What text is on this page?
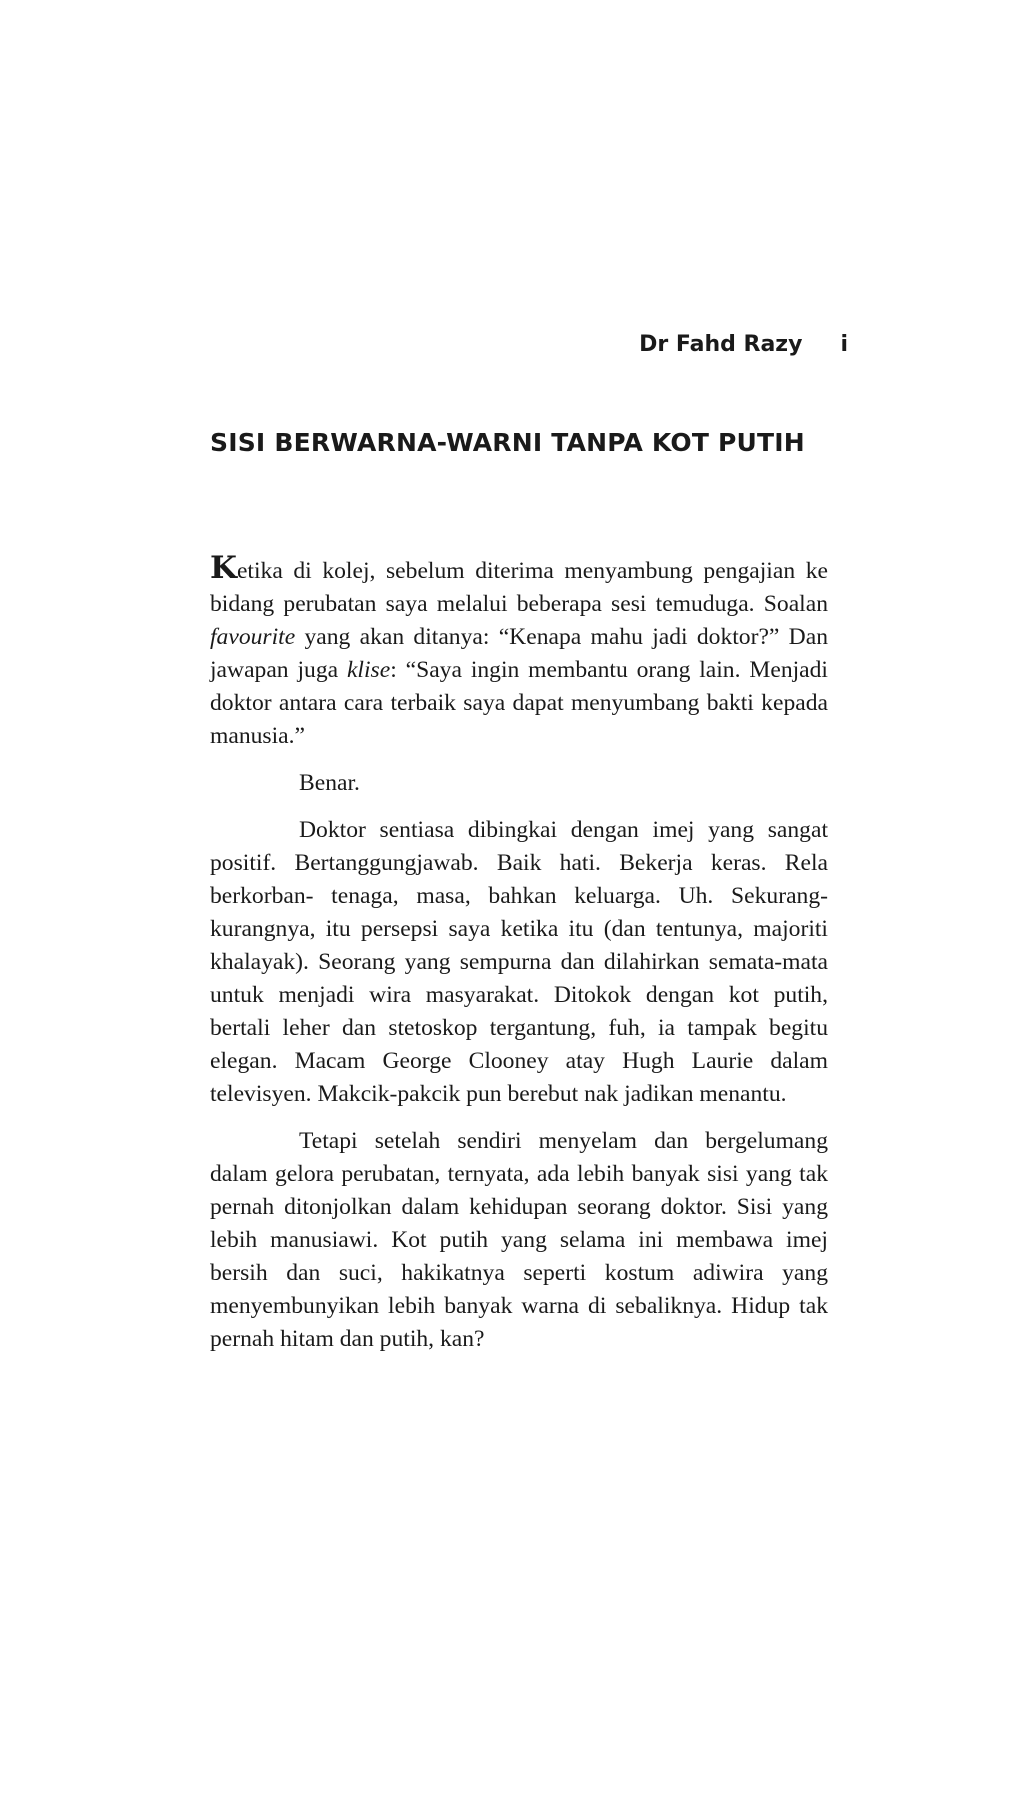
Dr Fahd Razy i
SISI BERWARNA-WARNI TANPA KOT PUTIH

Ketika di kolej, sebelum diterima menyambung pengajian ke bidang perubatan saya melalui beberapa sesi temuduga. Soalan favourite yang akan ditanya: “Kenapa mahu jadi doktor?” Dan jawapan juga klise: “Saya ingin membantu orang lain. Menjadi doktor antara cara terbaik saya dapat menyumbang bakti kepada manusia.”

Benar.

Doktor sentiasa dibingkai dengan imej yang sangat positif. Bertanggungjawab. Baik hati. Bekerja keras. Rela berkorban- tenaga, masa, bahkan keluarga. Uh. Sekurang-kurangnya, itu persepsi saya ketika itu (dan tentunya, majoriti khalayak). Seorang yang sempurna dan dilahirkan semata-mata untuk menjadi wira masyarakat. Ditokok dengan kot putih, bertali leher dan stetoskop tergantung, fuh, ia tampak begitu elegan. Macam George Clooney atay Hugh Laurie dalam televisyen. Makcik-pakcik pun berebut nak jadikan menantu.

Tetapi setelah sendiri menyelam dan bergelumang dalam gelora perubatan, ternyata, ada lebih banyak sisi yang tak pernah ditonjolkan dalam kehidupan seorang doktor. Sisi yang lebih manusiawi. Kot putih yang selama ini membawa imej bersih dan suci, hakikatnya seperti kostum adiwira yang menyembunyikan lebih banyak warna di sebaliknya. Hidup tak pernah hitam dan putih, kan?
